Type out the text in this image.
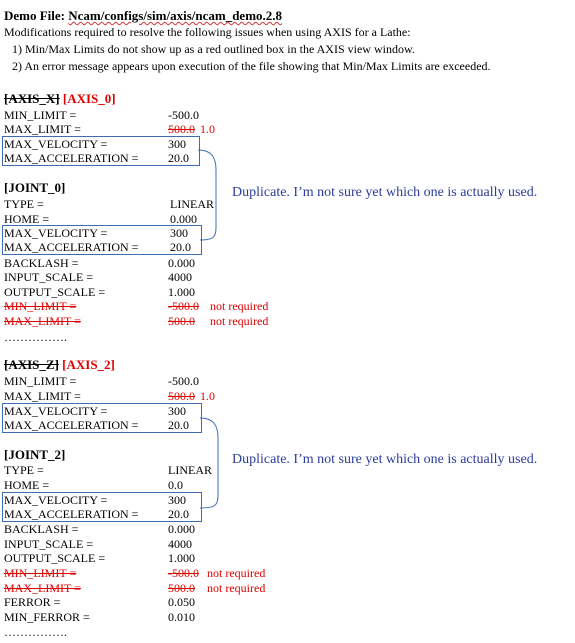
Demo File: Ncam/configs/sim/axis/ncam_demo.2.8
Modifications required to resolve the following issues when using AXIS for a Lathe:
1) Min/Max Limits do not show up as a red outlined box in the AXIS view window.
2) An error message appears upon execution of the file showing that Min/Max Limits are exceeded.
[AXIS_X] [AXIS_0]
MIN_LIMIT =	-500.0
MAX_LIMIT =	500.0 1.0
MAX_VELOCITY =	300
MAX_ACCELERATION = 20.0
[JOINT_0]
TYPE =	LINEAR
HOME =	0.000
MAX_VELOCITY =	300
MAX_ACCELERATION =	20.0
BACKLASH =	0.000
INPUT_SCALE =	4000
OUTPUT_SCALE =	1.000
MIN_LIMIT =	-500.0 not required
MAX_LIMIT =	500.0 not required
…………….
Duplicate. I’m not sure yet which one is actually used.
[AXIS_Z] [AXIS_2]
MIN_LIMIT =	-500.0
MAX_LIMIT =	500.0 1.0
MAX_VELOCITY =	300
MAX_ACCELERATION = 20.0
[JOINT_2]
TYPE =	LINEAR
HOME =	0.0
MAX_VELOCITY =	300
MAX_ACCELERATION = 20.0
BACKLASH =	0.000
INPUT_SCALE =	4000
OUTPUT_SCALE =	1.000
MIN_LIMIT =	-500.0 not required
MAX_LIMIT =	500.0 not required
FERROR =	0.050
MIN_FERROR =	0.010
…………….
Duplicate. I’m not sure yet which one is actually used.
